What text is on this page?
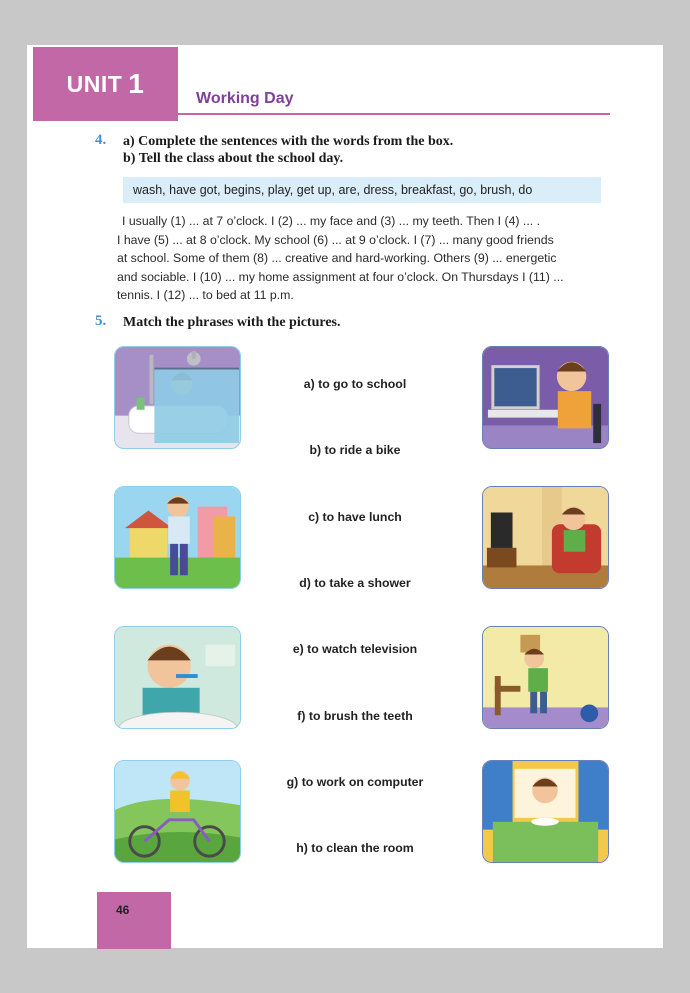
UNIT 1	Working Day
4. a) Complete the sentences with the words from the box.
b) Tell the class about the school day.
wash, have got, begins, play, get up, are, dress, breakfast, go, brush, do
I usually (1) ... at 7 o’clock. I (2) ... my face and (3) ... my teeth. Then I (4) ... .
I have (5) ... at 8 o’clock. My school (6) ... at 9 o’clock. I (7) ... many good friends
at school. Some of them (8) ... creative and hard-working. Others (9) ... energetic
and sociable. I (10) ... my home assignment at four o’clock. On Thursdays I (11) ...
tennis. I (12) ... to bed at 11 p.m.
5. Match the phrases with the pictures.
a) to go to school
b) to ride a bike
c) to have lunch
d) to take a shower
e) to watch television
f) to brush the teeth
g) to work on computer
h) to clean the room
46
